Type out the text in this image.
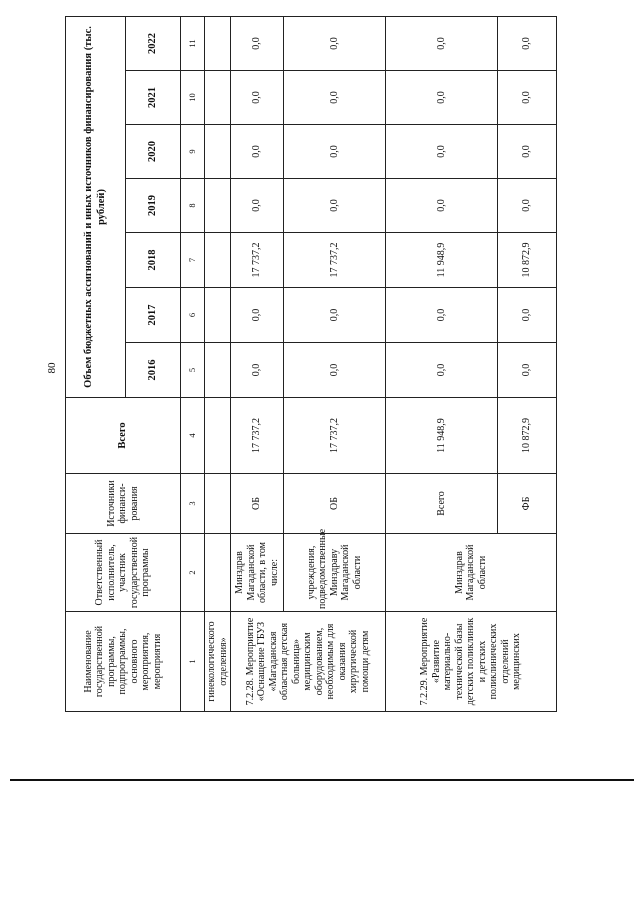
80
Наименование государственной программы, подпрограммы, основного мероприятия, мероприятия	Ответственный исполнитель, участник государственной программы	Источники финанси-рования	Всего	Объем бюджетных ассигнований и иных источников финансирования (тыс. рублей)						
				2016	2017	2018	2019	2020	2021	2022
1	2	3	4	5	6	7	8	9	10	11
гинекологического отделения»										
7.2.28. Мероприятие «Оснащение ГБУЗ «Магаданская областная детская больница» медицинским оборудованием, необходимым для оказания хирургической помощи детям	Минздрав Магаданской области, в том числе:	ОБ	17 737,2	0,0	0,0	17 737,2	0,0	0,0	0,0	0,0
	учреждения, подведомственные Минздраву Магаданской области	ОБ	17 737,2	0,0	0,0	17 737,2	0,0	0,0	0,0	0,0
7.2.29. Мероприятие «Развитие материально-технической базы детских поликлиник и детских поликлинических отделений медицинских	Минздрав Магаданской области	Всего	11 948,9	0,0	0,0	11 948,9	0,0	0,0	0,0	0,0
		ФБ	10 872,9	0,0	0,0	10 872,9	0,0	0,0	0,0	0,0
